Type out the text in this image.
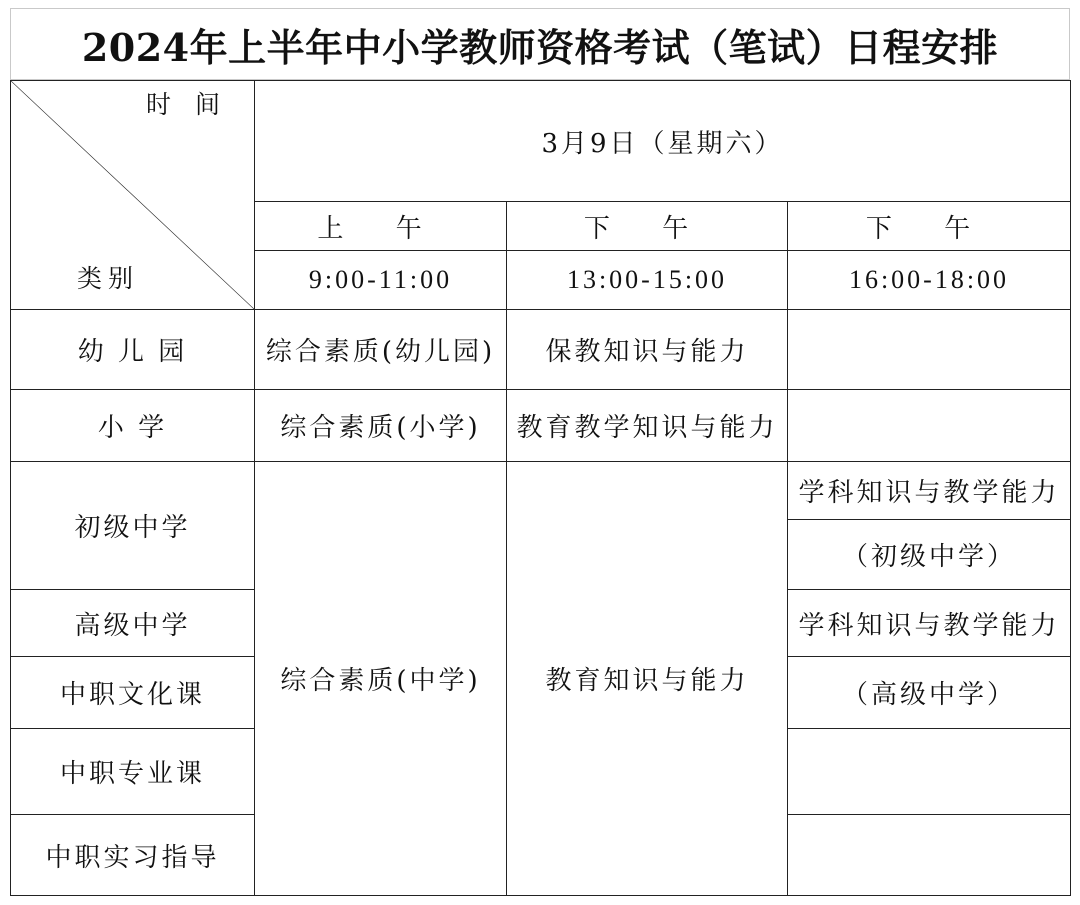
2024年上半年中小学教师资格考试（笔试）日程安排
时 间
类别	3月9日（星期六）		
	上 午	下 午	下 午
	9:00-11:00	13:00-15:00	16:00-18:00
幼 儿 园	综合素质(幼儿园)	保教知识与能力	
小 学	综合素质(小学)	教育教学知识与能力	
初级中学	综合素质(中学)	教育知识与能力	学科知识与教学能力
			（初级中学）
高级中学			学科知识与教学能力
中职文化课			（高级中学）
中职专业课			
中职实习指导			
